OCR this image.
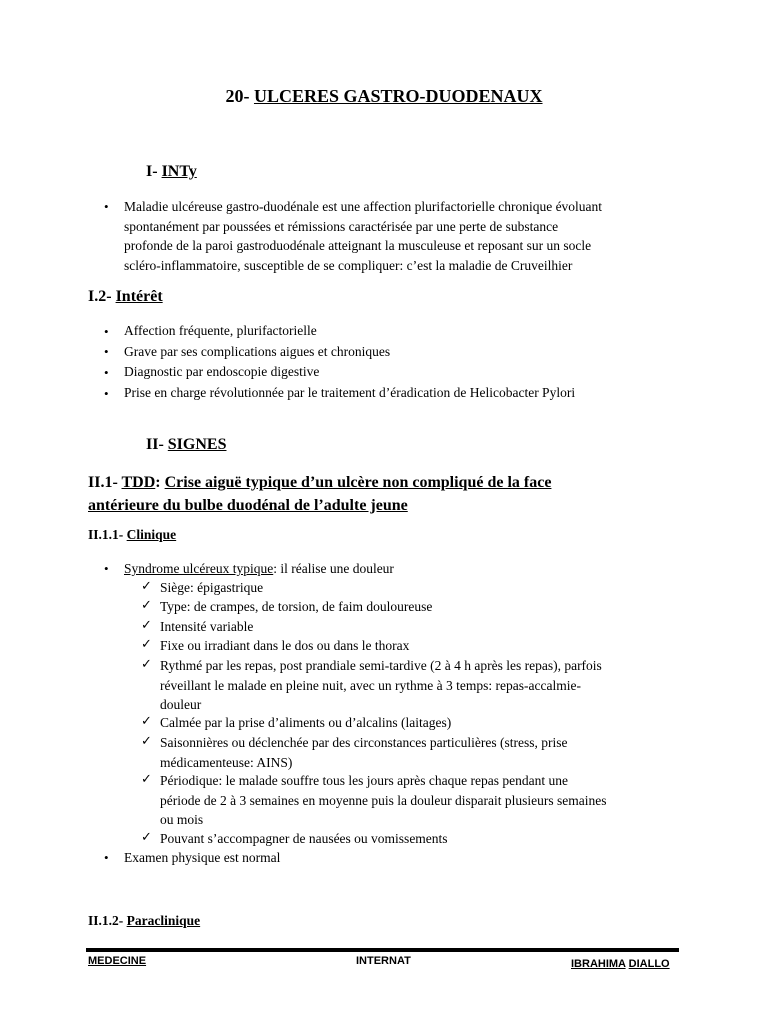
20- ULCERES GASTRO-DUODENAUX
I- INTy
• Maladie ulcéreuse gastro-duodénale est une affection plurifactorielle chronique évoluant
spontanément par poussées et rémissions caractérisée par une perte de substance
profonde de la paroi gastroduodénale atteignant la musculeuse et reposant sur un socle
scléro-inflammatoire, susceptible de se compliquer: c’est la maladie de Cruveilhier
I.2- Intérêt
• Affection fréquente, plurifactorielle
• Grave par ses complications aigues et chroniques
• Diagnostic par endoscopie digestive
• Prise en charge révolutionnée par le traitement d’éradication de Helicobacter Pylori
II- SIGNES
II.1- TDD: Crise aiguë typique d’un ulcère non compliqué de la face
antérieure du bulbe duodénal de l’adulte jeune
II.1.1- Clinique
• Syndrome ulcéreux typique: il réalise une douleur
✓ Siège: épigastrique
✓ Type: de crampes, de torsion, de faim douloureuse
✓ Intensité variable
✓ Fixe ou irradiant dans le dos ou dans le thorax
✓ Rythmé par les repas, post prandiale semi-tardive (2 à 4 h après les repas), parfois
réveillant le malade en pleine nuit, avec un rythme à 3 temps: repas-accalmie-
douleur
✓ Calmée par la prise d’aliments ou d’alcalins (laitages)
✓ Saisonnières ou déclenchée par des circonstances particulières (stress, prise
médicamenteuse: AINS)
✓ Périodique: le malade souffre tous les jours après chaque repas pendant une
période de 2 à 3 semaines en moyenne puis la douleur disparait plusieurs semaines
ou mois
✓ Pouvant s’accompagner de nausées ou vomissements
• Examen physique est normal
II.1.2- Paraclinique
MEDECINE	INTERNAT	IBRAHIMA DIALLO
